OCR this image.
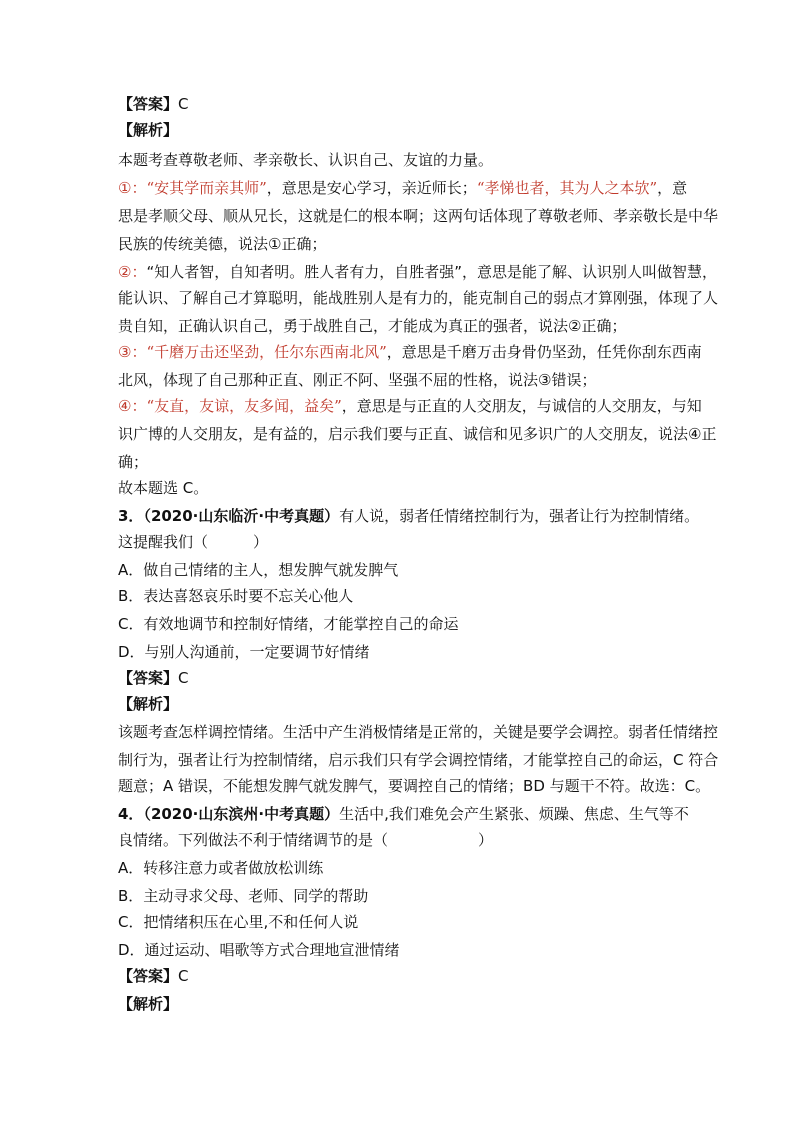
【答案】C
【解析】
本题考查尊敬老师、孝亲敬长、认识自己、友谊的力量。
①：“安其学而亲其师”，意思是安心学习，亲近师长；“孝悌也者，其为人之本欤”，意
思是孝顺父母、顺从兄长，这就是仁的根本啊；这两句话体现了尊敬老师、孝亲敬长是中华
民族的传统美德，说法①正确；
②：“知人者智，自知者明。胜人者有力，自胜者强”，意思是能了解、认识别人叫做智慧，
能认识、了解自己才算聪明，能战胜别人是有力的，能克制自己的弱点才算刚强，体现了人
贵自知，正确认识自己，勇于战胜自己，才能成为真正的强者，说法②正确；
③：“千磨万击还坚劲，任尔东西南北风”，意思是千磨万击身骨仍坚劲，任凭你刮东西南
北风，体现了自己那种正直、刚正不阿、坚强不屈的性格，说法③错误；
④：“友直，友谅，友多闻，益矣”，意思是与正直的人交朋友，与诚信的人交朋友，与知
识广博的人交朋友，是有益的，启示我们要与正直、诚信和见多识广的人交朋友，说法④正
确；
故本题选 C。
3．（2020·山东临沂·中考真题）有人说，弱者任情绪控制行为，强者让行为控制情绪。
这提醒我们（　　　）
A．做自己情绪的主人，想发脾气就发脾气
B．表达喜怒哀乐时要不忘关心他人
C．有效地调节和控制好情绪，才能掌控自己的命运
D．与别人沟通前，一定要调节好情绪
【答案】C
【解析】
该题考查怎样调控情绪。生活中产生消极情绪是正常的，关键是要学会调控。弱者任情绪控
制行为，强者让行为控制情绪，启示我们只有学会调控情绪，才能掌控自己的命运，C 符合
题意；A 错误，不能想发脾气就发脾气，要调控自己的情绪；BD 与题干不符。故选：C。
4．（2020·山东滨州·中考真题）生活中,我们难免会产生紧张、烦躁、焦虑、生气等不
良情绪。下列做法不利于情绪调节的是（　　　　　　）
A．转移注意力或者做放松训练
B．主动寻求父母、老师、同学的帮助
C．把情绪积压在心里,不和任何人说
D．通过运动、唱歌等方式合理地宣泄情绪
【答案】C
【解析】
